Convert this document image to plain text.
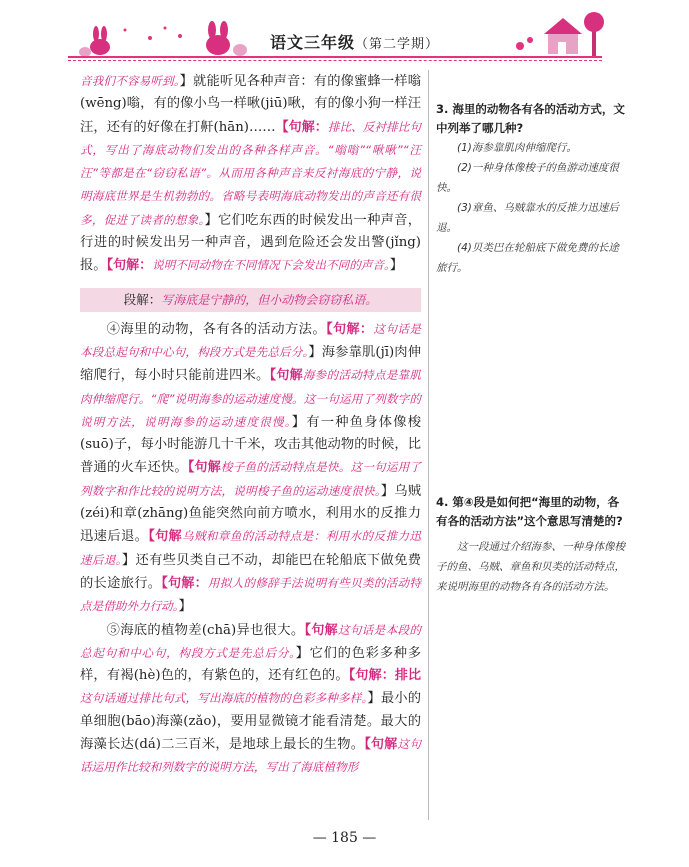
语文三年级（第二学期）

音我们不容易听到。】就能听见各种声音：有的像蜜蜂一样嗡(wēng)嗡，有的像小鸟一样啾(jiū)啾，有的像小狗一样汪汪，还有的好像在打鼾(hān)……【句解：排比、反衬排比句式，写出了海底动物们发出的各种各样声音。“嗡嗡”“啾啾”“汪汪”等都是在“窃窃私语”。从而用各种声音来反衬海底的宁静，说明海底世界是生机勃勃的。省略号表明海底动物发出的声音还有很多，促进了读者的想象。】它们吃东西的时候发出一种声音，行进的时候发出另一种声音，遇到危险还会发出警(jǐng)报。【句解：说明不同动物在不同情况下会发出不同的声音。】

段解：写海底是宁静的，但小动物会窃窃私语。

④海里的动物，各有各的活动方法。【句解：这句话是本段总起句和中心句，构段方式是先总后分。】海参靠肌(jī)肉伸缩爬行，每小时只能前进四米。【句解海参的活动特点是靠肌肉伸缩爬行。“爬”说明海参的运动速度慢。这一句运用了列数字的说明方法，说明海参的运动速度很慢。】有一种鱼身体像梭(suō)子，每小时能游几十千米，攻击其他动物的时候，比普通的火车还快。【句解梭子鱼的活动特点是快。这一句运用了列数字和作比较的说明方法，说明梭子鱼的运动速度很快。】乌贼(zéi)和章(zhāng)鱼能突然向前方喷水，利用水的反推力迅速后退。【句解乌贼和章鱼的活动特点是：利用水的反推力迅速后退。】还有些贝类自己不动，却能巴在轮船底下做免费的长途旅行。【句解：用拟人的修辞手法说明有些贝类的活动特点是借助外力行动。】

⑤海底的植物差(chā)异也很大。【句解这句话是本段的总起句和中心句，构段方式是先总后分。】它们的色彩多种多样，有褐(hè)色的，有紫色的，还有红色的。【句解：排比这句话通过排比句式，写出海底的植物的色彩多种多样。】最小的单细胞(bāo)海藻(zǎo)，要用显微镜才能看清楚。最大的海藻长达(dá)二三百米，是地球上最长的生物。【句解这句话运用作比较和列数字的说明方法，写出了海底植物形

3. 海里的动物各有各的活动方式，文中列举了哪几种?

(1)海参靠肌肉伸缩爬行。

(2)一种身体像梭子的鱼游动速度很快。

(3)章鱼、乌贼靠水的反推力迅速后退。

(4)贝类巴在轮船底下做免费的长途旅行。

4. 第④段是如何把“海里的动物，各有各的活动方法”这个意思写清楚的?

这一段通过介绍海参、一种身体像梭子的鱼、乌贼、章鱼和贝类的活动特点，来说明海里的动物各有各的活动方法。

— 185 —
